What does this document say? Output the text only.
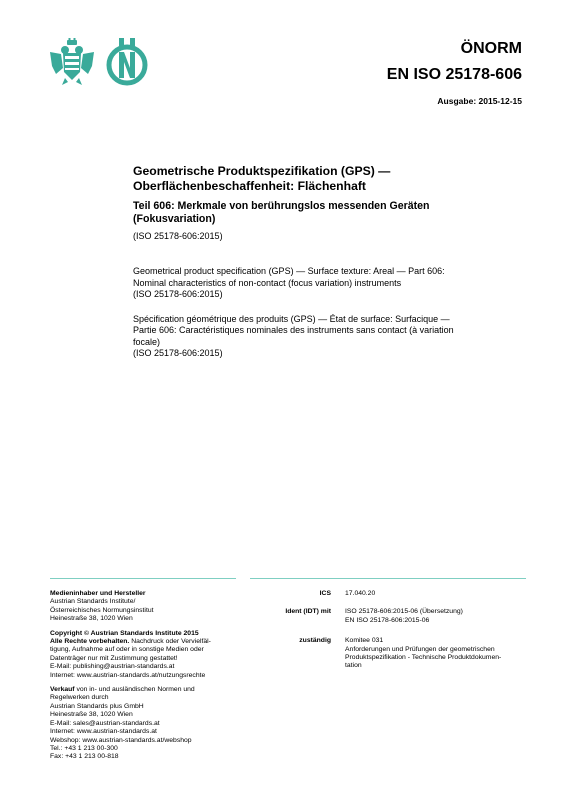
ÖNORM
EN ISO 25178-606
Ausgabe: 2015-12-15
Geometrische Produktspezifikation (GPS) —
Oberflächenbeschaffenheit: Flächenhaft
Teil 606: Merkmale von berührungslos messenden Geräten
(Fokusvariation)
(ISO 25178-606:2015)
Geometrical product specification (GPS) — Surface texture: Areal — Part 606:
Nominal characteristics of non-contact (focus variation) instruments
(ISO 25178-606:2015)
Spécification géométrique des produits (GPS) — État de surface: Surfacique —
Partie 606: Caractéristiques nominales des instruments sans contact (à variation
focale)
(ISO 25178-606:2015)
Medieninhaber und Hersteller
Austrian Standards Institute/
Österreichisches Normungsinstitut
Heinestraße 38, 1020 Wien
Copyright © Austrian Standards Institute 2015
Alle Rechte vorbehalten. Nachdruck oder Vervielfäl-
tigung, Aufnahme auf oder in sonstige Medien oder
Datenträger nur mit Zustimmung gestattet!
E-Mail: publishing@austrian-standards.at
Internet: www.austrian-standards.at/nutzungsrechte
Verkauf von in- und ausländischen Normen und
Regelwerken durch
Austrian Standards plus GmbH
Heinestraße 38, 1020 Wien
E-Mail: sales@austrian-standards.at
Internet: www.austrian-standards.at
Webshop: www.austrian-standards.at/webshop
Tel.: +43 1 213 00-300
Fax: +43 1 213 00-818
ICS	17.040.20
Ident (IDT) mit	ISO 25178-606:2015-06 (Übersetzung)
EN ISO 25178-606:2015-06
zuständig	Komitee 031
Anforderungen und Prüfungen der geometrischen
Produktspezifikation - Technische Produktdokumen-
tation
